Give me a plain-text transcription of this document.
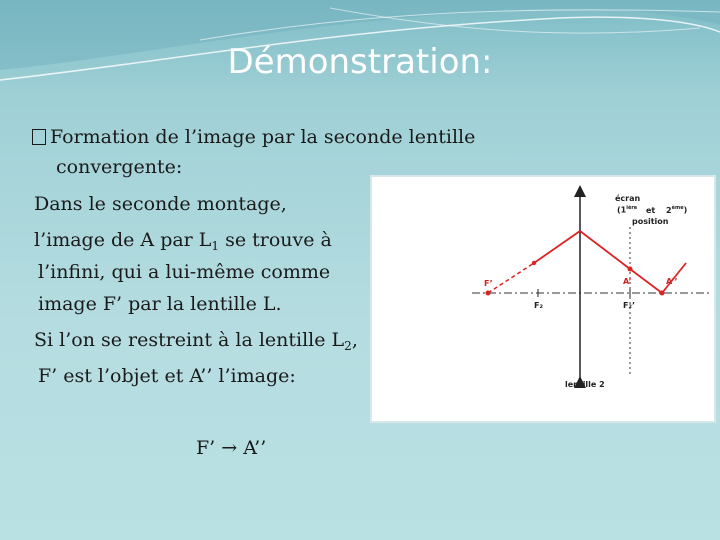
Démonstration:
Formation de l’image par la seconde lentille
convergente:
Dans le seconde montage,
l’image de A par $L_1$ se trouve à
l’infini, qui a lui-même comme
image F’ par la lentille L.
Si l’on se restreint à la lentille $L_2$,
F’ est l’objet et A’’ l’image:
F’ → A’’
écran
($1^{ière}$ et 2ème)
position
F’	A’	A’’
F₂	F₂’
lentille 2
